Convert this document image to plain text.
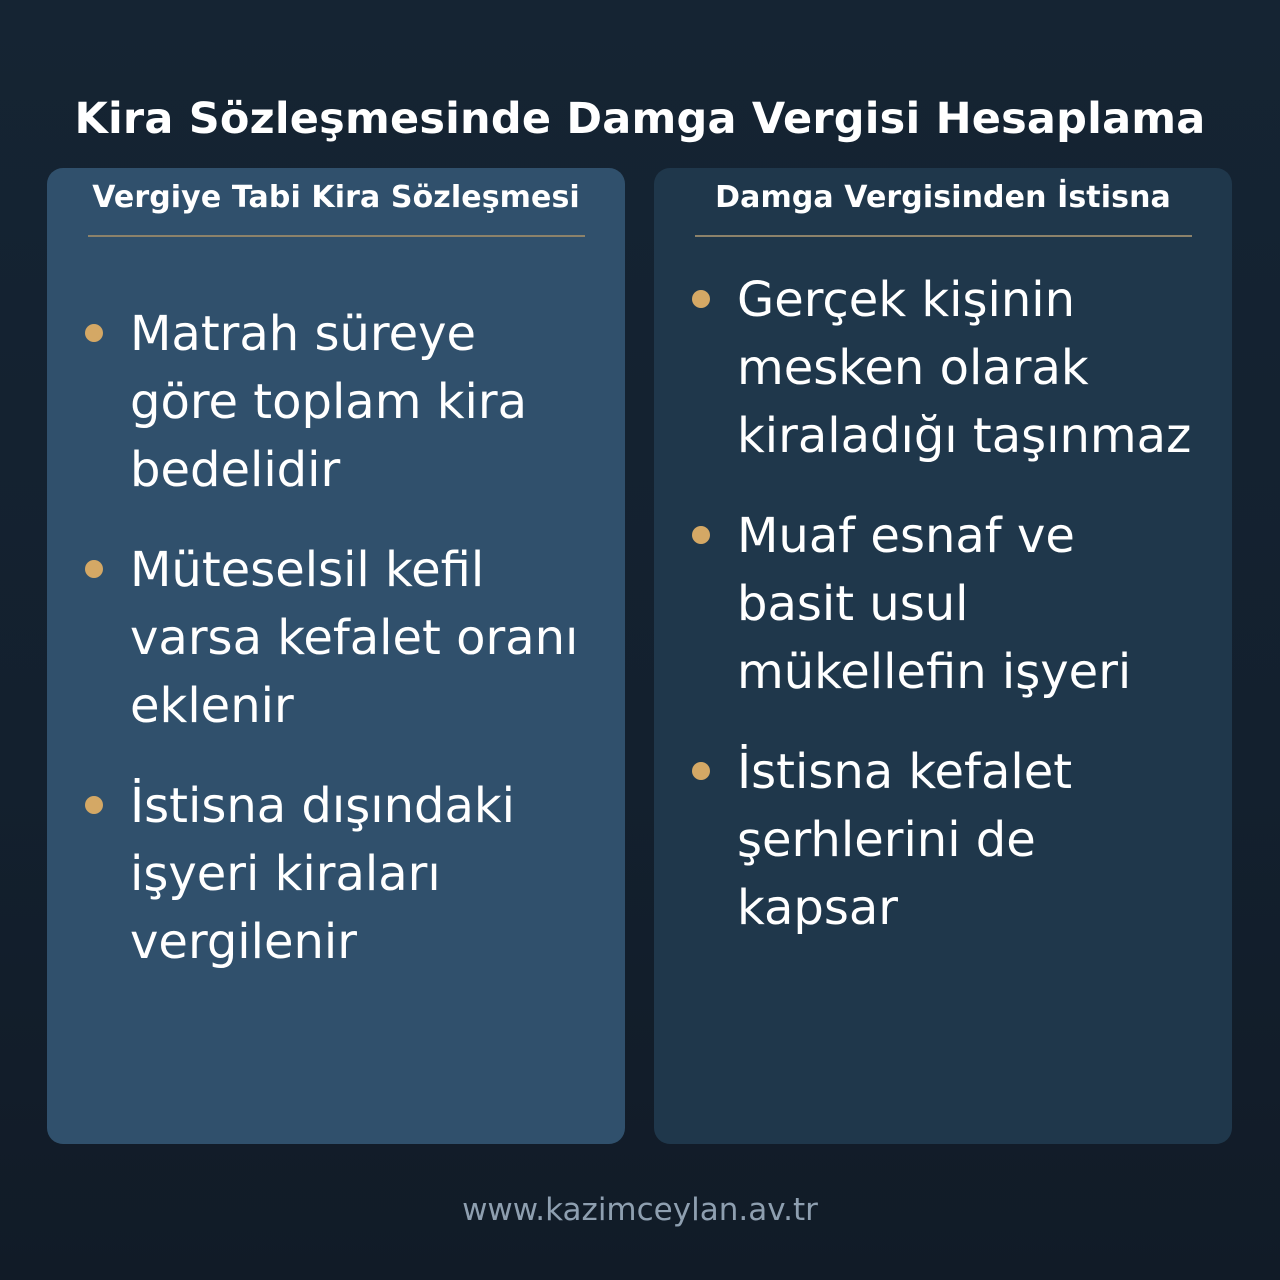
Kira Sözleşmesinde Damga Vergisi Hesaplama
Vergiye Tabi Kira Sözleşmesi
Matrah süreye göre toplam kira bedelidir
Müteselsil kefil varsa kefalet oranı eklenir
İstisna dışındaki işyeri kiraları vergilenir
Damga Vergisinden İstisna
Gerçek kişinin mesken olarak kiraladığı taşınmaz
Muaf esnaf ve basit usul mükellefin işyeri
İstisna kefalet şerhlerini de kapsar
www.kazimceylan.av.tr
